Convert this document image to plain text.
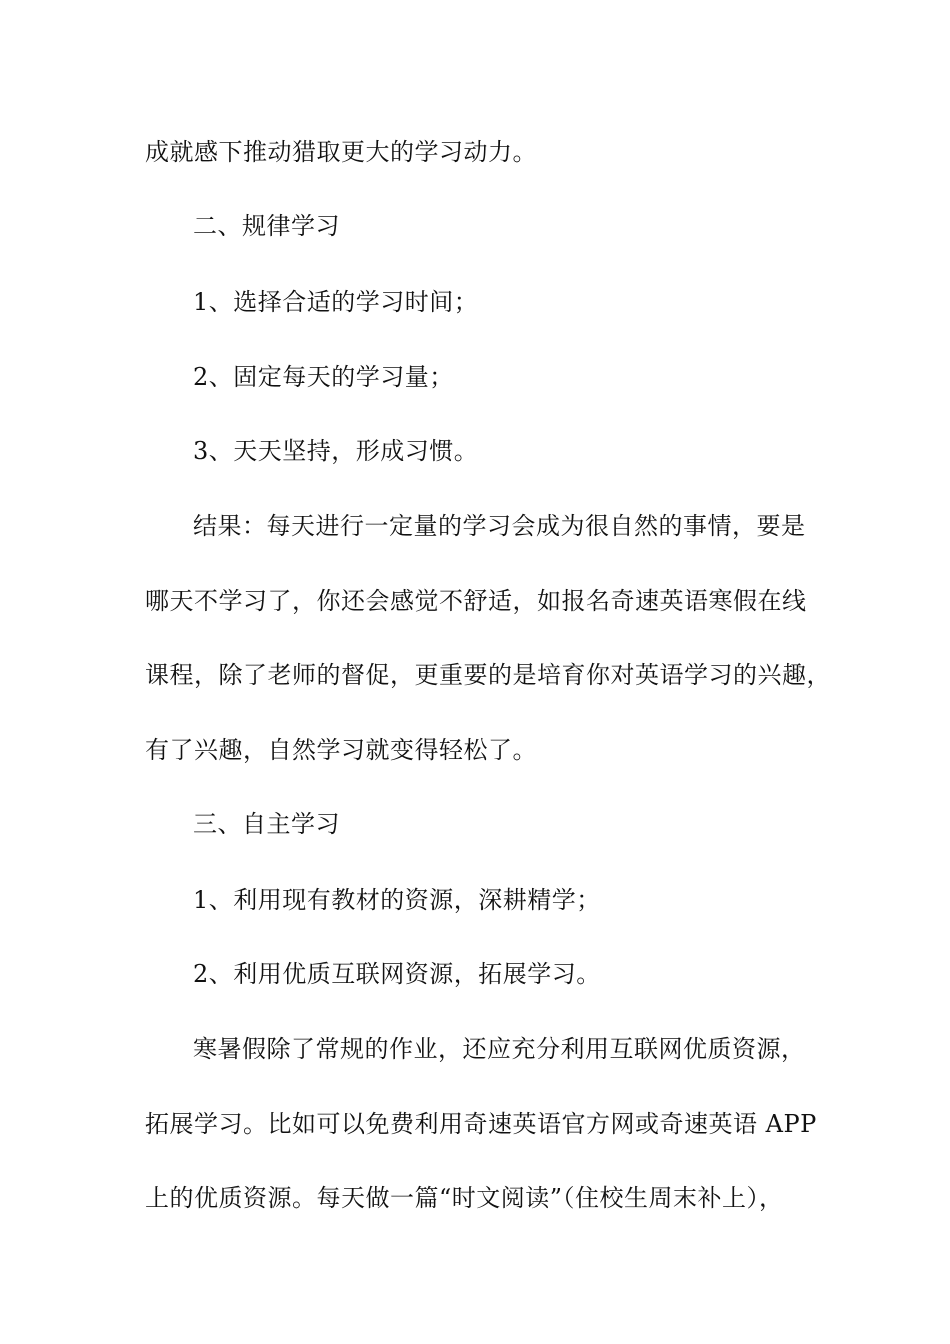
成就感下推动猎取更大的学习动力。
二、规律学习
1、选择合适的学习时间；
2、固定每天的学习量；
3、天天坚持，形成习惯。
结果：每天进行一定量的学习会成为很自然的事情，要是
哪天不学习了，你还会感觉不舒适，如报名奇速英语寒假在线
课程，除了老师的督促，更重要的是培育你对英语学习的兴趣，
有了兴趣，自然学习就变得轻松了。
三、自主学习
1、利用现有教材的资源，深耕精学；
2、利用优质互联网资源，拓展学习。
寒暑假除了常规的作业，还应充分利用互联网优质资源，
拓展学习。比如可以免费利用奇速英语官方网或奇速英语 APP
上的优质资源。每天做一篇“时文阅读”（住校生周末补上），
